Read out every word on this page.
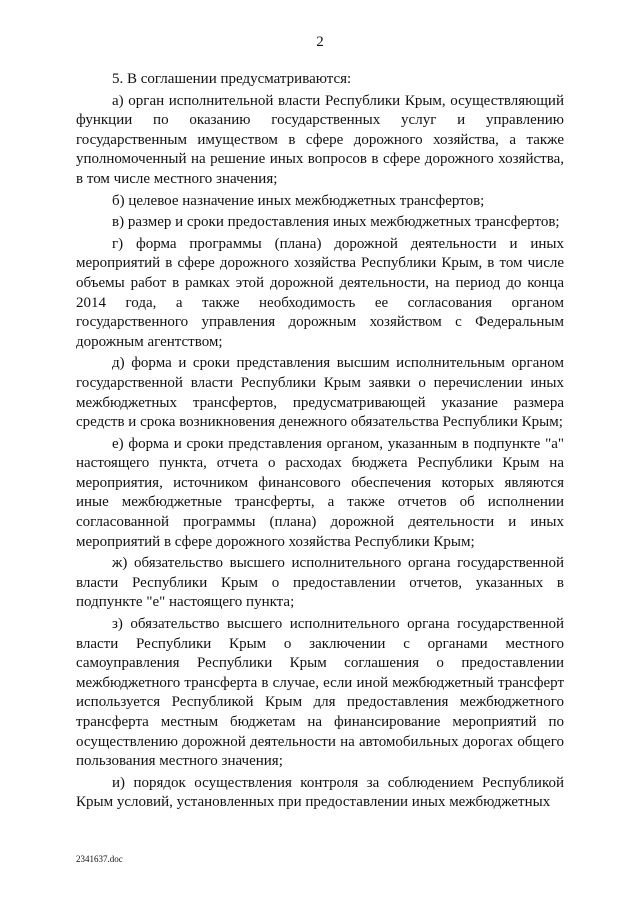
2

5. В соглашении предусматриваются:

а) орган исполнительной власти Республики Крым, осуществляющий функции по оказанию государственных услуг и управлению государственным имуществом в сфере дорожного хозяйства, а также уполномоченный на решение иных вопросов в сфере дорожного хозяйства, в том числе местного значения;

б) целевое назначение иных межбюджетных трансфертов;

в) размер и сроки предоставления иных межбюджетных трансфертов;

г) форма программы (плана) дорожной деятельности и иных мероприятий в сфере дорожного хозяйства Республики Крым, в том числе объемы работ в рамках этой дорожной деятельности, на период до конца 2014 года, а также необходимость ее согласования органом государственного управления дорожным хозяйством с Федеральным дорожным агентством;

д) форма и сроки представления высшим исполнительным органом государственной власти Республики Крым заявки о перечислении иных межбюджетных трансфертов, предусматривающей указание размера средств и срока возникновения денежного обязательства Республики Крым;

е) форма и сроки представления органом, указанным в подпункте "а" настоящего пункта, отчета о расходах бюджета Республики Крым на мероприятия, источником финансового обеспечения которых являются иные межбюджетные трансферты, а также отчетов об исполнении согласованной программы (плана) дорожной деятельности и иных мероприятий в сфере дорожного хозяйства Республики Крым;

ж) обязательство высшего исполнительного органа государственной власти Республики Крым о предоставлении отчетов, указанных в подпункте "е" настоящего пункта;

з) обязательство высшего исполнительного органа государственной власти Республики Крым о заключении с органами местного самоуправления Республики Крым соглашения о предоставлении межбюджетного трансферта в случае, если иной межбюджетный трансферт используется Республикой Крым для предоставления межбюджетного трансферта местным бюджетам на финансирование мероприятий по осуществлению дорожной деятельности на автомобильных дорогах общего пользования местного значения;

и) порядок осуществления контроля за соблюдением Республикой Крым условий, установленных при предоставлении иных межбюджетных

2341637.doc
